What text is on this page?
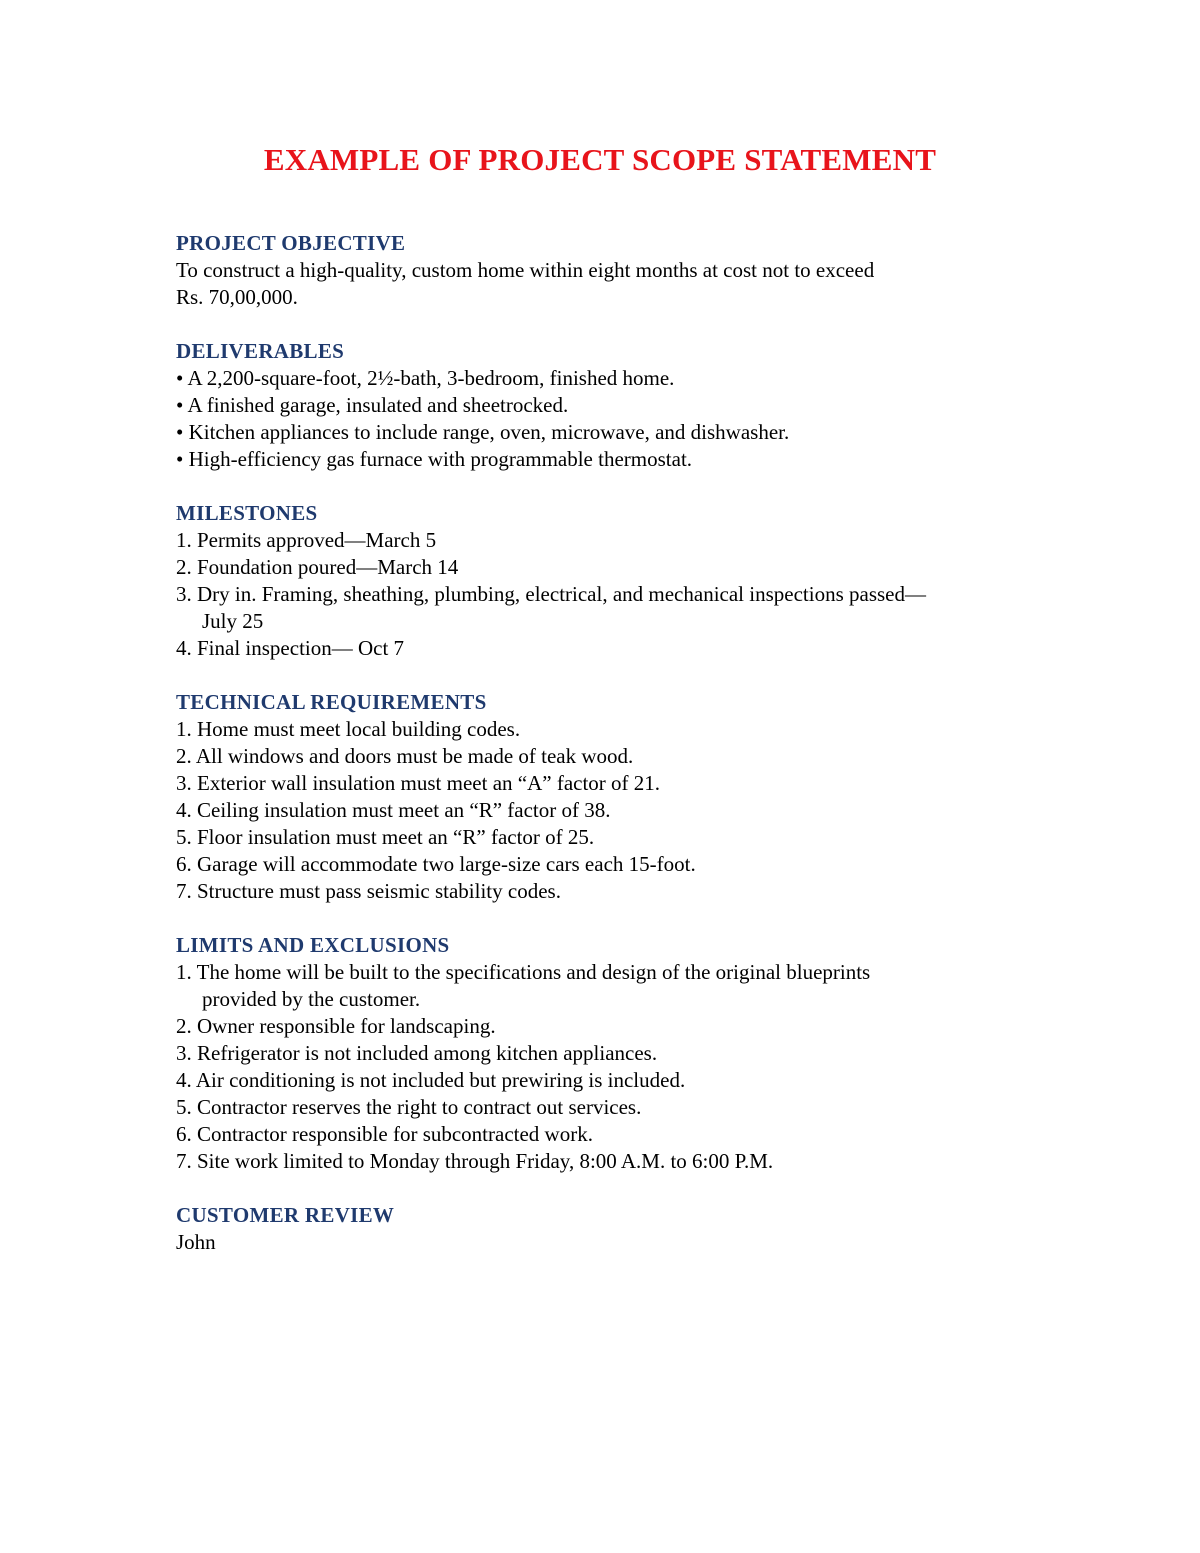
EXAMPLE OF PROJECT SCOPE STATEMENT
PROJECT OBJECTIVE
To construct a high-quality, custom home within eight months at cost not to exceed
Rs. 70,00,000.
DELIVERABLES
• A 2,200-square-foot, 2½-bath, 3-bedroom, finished home.
• A finished garage, insulated and sheetrocked.
• Kitchen appliances to include range, oven, microwave, and dishwasher.
• High-efficiency gas furnace with programmable thermostat.
MILESTONES
1. Permits approved—March 5
2. Foundation poured—March 14
3. Dry in. Framing, sheathing, plumbing, electrical, and mechanical inspections passed—
July 25
4. Final inspection— Oct 7
TECHNICAL REQUIREMENTS
1. Home must meet local building codes.
2. All windows and doors must be made of teak wood.
3. Exterior wall insulation must meet an “A” factor of 21.
4. Ceiling insulation must meet an “R” factor of 38.
5. Floor insulation must meet an “R” factor of 25.
6. Garage will accommodate two large-size cars each 15-foot.
7. Structure must pass seismic stability codes.
LIMITS AND EXCLUSIONS
1. The home will be built to the specifications and design of the original blueprints
provided by the customer.
2. Owner responsible for landscaping.
3. Refrigerator is not included among kitchen appliances.
4. Air conditioning is not included but prewiring is included.
5. Contractor reserves the right to contract out services.
6. Contractor responsible for subcontracted work.
7. Site work limited to Monday through Friday, 8:00 A.M. to 6:00 P.M.
CUSTOMER REVIEW
John
